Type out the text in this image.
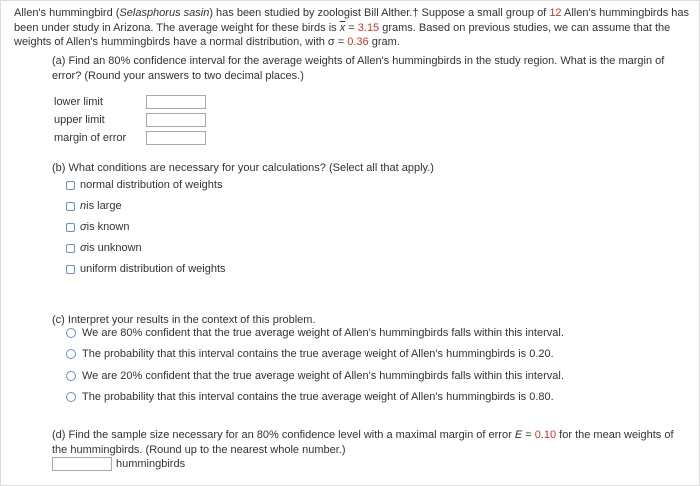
Allen's hummingbird (Selasphorus sasin) has been studied by zoologist Bill Alther.† Suppose a small group of 12 Allen's hummingbirds has been under study in Arizona. The average weight for these birds is $\overline{x} = 3.15$ grams. Based on previous studies, we can assume that the weights of Allen's hummingbirds have a normal distribution, with σ = 0.36 gram.
(a) Find an 80% confidence interval for the average weights of Allen's hummingbirds in the study region. What is the margin of error? (Round your answers to two decimal places.)
lower limit
upper limit
margin of error
(b) What conditions are necessary for your calculations? (Select all that apply.)
normal distribution of weights
n is large
σ is known
σ is unknown
uniform distribution of weights
(c) Interpret your results in the context of this problem.
We are 80% confident that the true average weight of Allen's hummingbirds falls within this interval.
The probability that this interval contains the true average weight of Allen's hummingbirds is 0.20.
We are 20% confident that the true average weight of Allen's hummingbirds falls within this interval.
The probability that this interval contains the true average weight of Allen's hummingbirds is 0.80.
(d) Find the sample size necessary for an 80% confidence level with a maximal margin of error E = 0.10 for the mean weights of the hummingbirds. (Round up to the nearest whole number.)
hummingbirds
